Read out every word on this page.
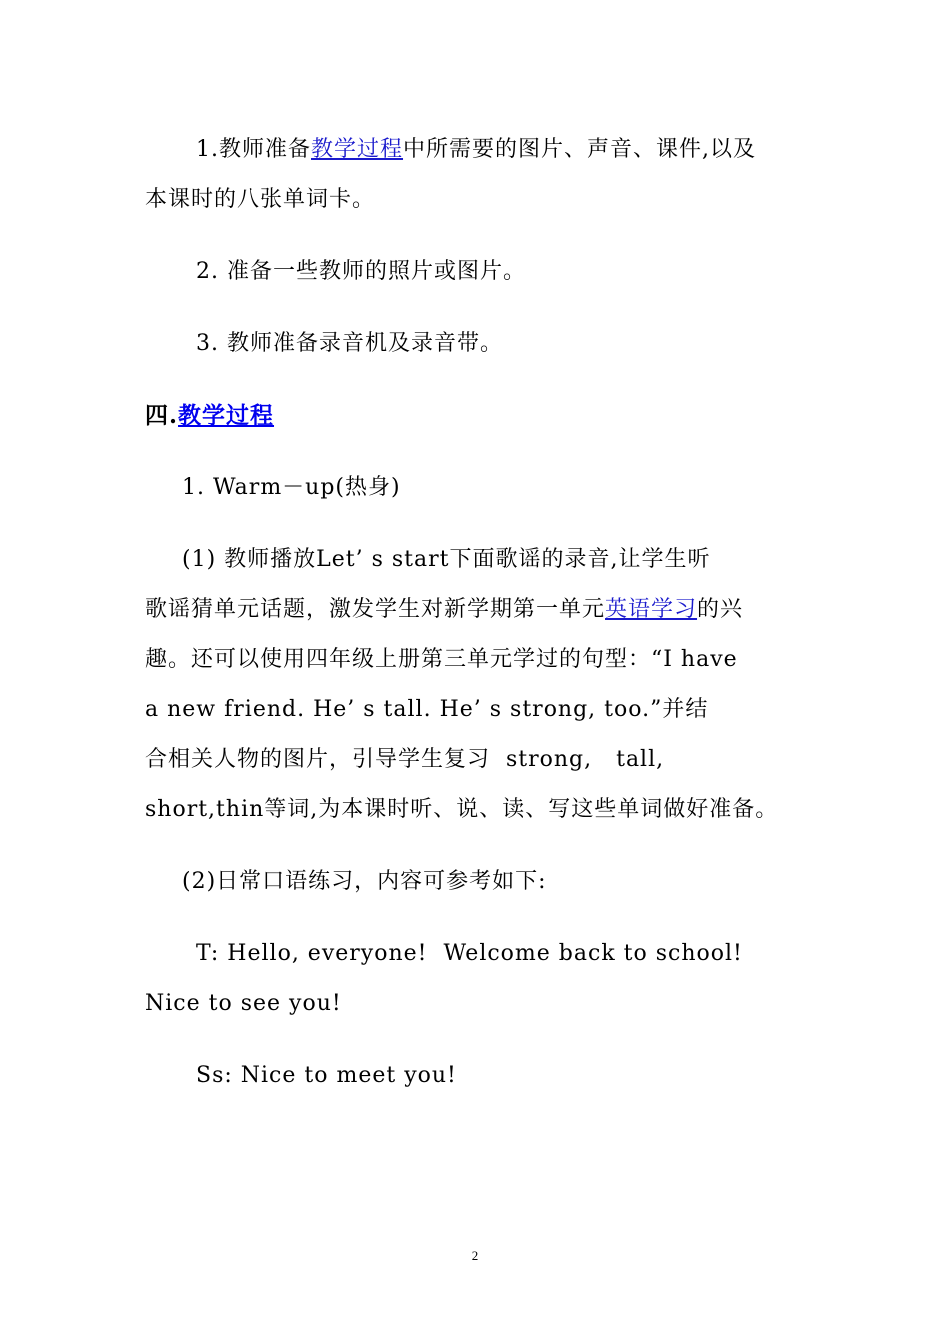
1.教师准备教学过程中所需要的图片、声音、课件,以及
本课时的八张单词卡。
2. 准备一些教师的照片或图片。
3. 教师准备录音机及录音带。
四.教学过程
1. Warm－up(热身)
(1) 教师播放Let’ s start下面歌谣的录音,让学生听
歌谣猜单元话题，激发学生对新学期第一单元英语学习的兴
趣。还可以使用四年级上册第三单元学过的句型：“I have
a new friend. He’ s tall. He’ s strong, too.”并结
合相关人物的图片，引导学生复习  strong,   tall,
short,thin等词,为本课时听、说、读、写这些单词做好准备。
(2)日常口语练习，内容可参考如下:
T: Hello, everyone!  Welcome back to school!
Nice to see you!
Ss: Nice to meet you!
2
